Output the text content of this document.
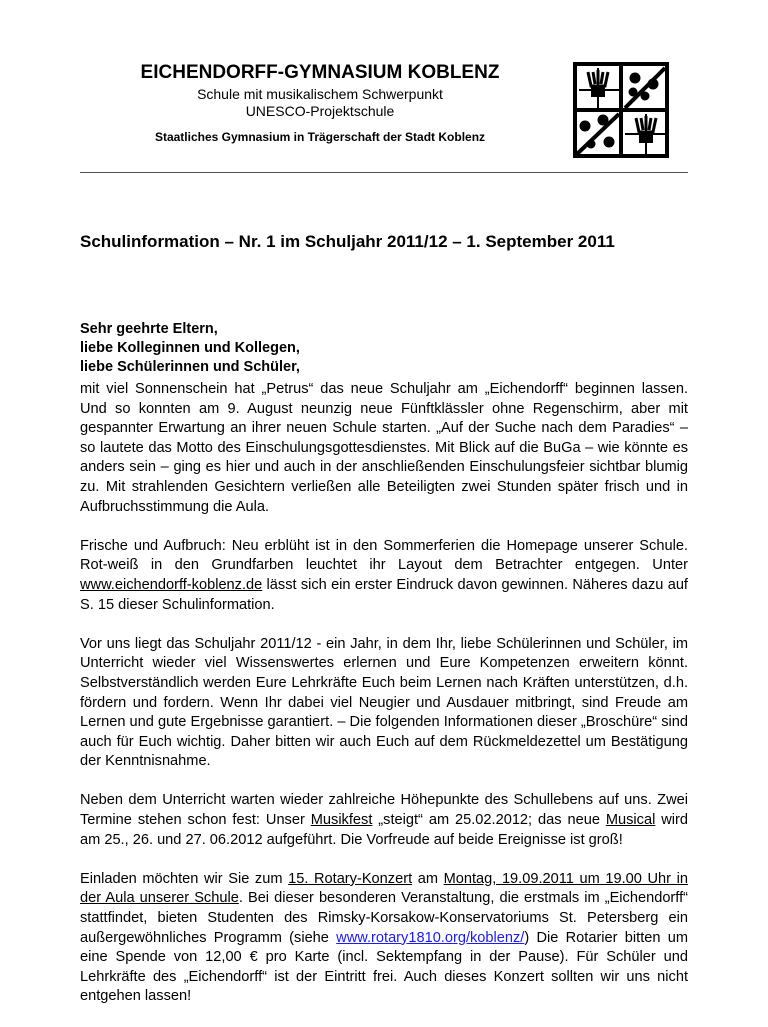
EICHENDORFF-GYMNASIUM KOBLENZ
Schule mit musikalischem Schwerpunkt
UNESCO-Projektschule
Staatliches Gymnasium in Trägerschaft der Stadt Koblenz
Schulinformation – Nr. 1 im Schuljahr 2011/12 – 1. September 2011
Sehr geehrte Eltern,
liebe Kolleginnen und Kollegen,
liebe Schülerinnen und Schüler,

mit viel Sonnenschein hat „Petrus“ das neue Schuljahr am „Eichendorff“ beginnen lassen. Und so konnten am 9. August neunzig neue Fünftklässler ohne Regenschirm, aber mit gespannter Erwartung an ihrer neuen Schule starten. „Auf der Suche nach dem Paradies“ – so lautete das Motto des Einschulungsgottesdienstes. Mit Blick auf die BuGa – wie könnte es anders sein – ging es hier und auch in der anschließenden Einschulungsfeier sichtbar blumig zu. Mit strahlenden Gesichtern verließen alle Beteiligten zwei Stunden später frisch und in Aufbruchsstimmung die Aula.

Frische und Aufbruch: Neu erblüht ist in den Sommerferien die Homepage unserer Schule. Rot-weiß in den Grundfarben leuchtet ihr Layout dem Betrachter entgegen. Unter www.eichendorff-koblenz.de lässt sich ein erster Eindruck davon gewinnen. Näheres dazu auf S. 15 dieser Schulinformation.

Vor uns liegt das Schuljahr 2011/12 - ein Jahr, in dem Ihr, liebe Schülerinnen und Schüler, im Unterricht wieder viel Wissenswertes erlernen und Eure Kompetenzen erweitern könnt. Selbstverständlich werden Eure Lehrkräfte Euch beim Lernen nach Kräften unterstützen, d.h. fördern und fordern. Wenn Ihr dabei viel Neugier und Ausdauer mitbringt, sind Freude am Lernen und gute Ergebnisse garantiert. – Die folgenden Informationen dieser „Broschüre“ sind auch für Euch wichtig. Daher bitten wir auch Euch auf dem Rückmeldezettel um Bestätigung der Kenntnisnahme.

Neben dem Unterricht warten wieder zahlreiche Höhepunkte des Schullebens auf uns. Zwei Termine stehen schon fest: Unser Musikfest „steigt“ am 25.02.2012; das neue Musical wird am 25., 26. und 27. 06.2012 aufgeführt. Die Vorfreude auf beide Ereignisse ist groß!

Einladen möchten wir Sie zum 15. Rotary-Konzert am Montag, 19.09.2011 um 19.00 Uhr in der Aula unserer Schule. Bei dieser besonderen Veranstaltung, die erstmals im „Eichendorff“ stattfindet, bieten Studenten des Rimsky-Korsakow-Konservatoriums St. Petersberg ein außergewöhnliches Programm (siehe www.rotary1810.org/koblenz/) Die Rotarier bitten um eine Spende von 12,00 € pro Karte (incl. Sektempfang in der Pause). Für Schüler und Lehrkräfte des „Eichendorff“ ist der Eintritt frei. Auch dieses Konzert sollten wir uns nicht entgehen lassen!
